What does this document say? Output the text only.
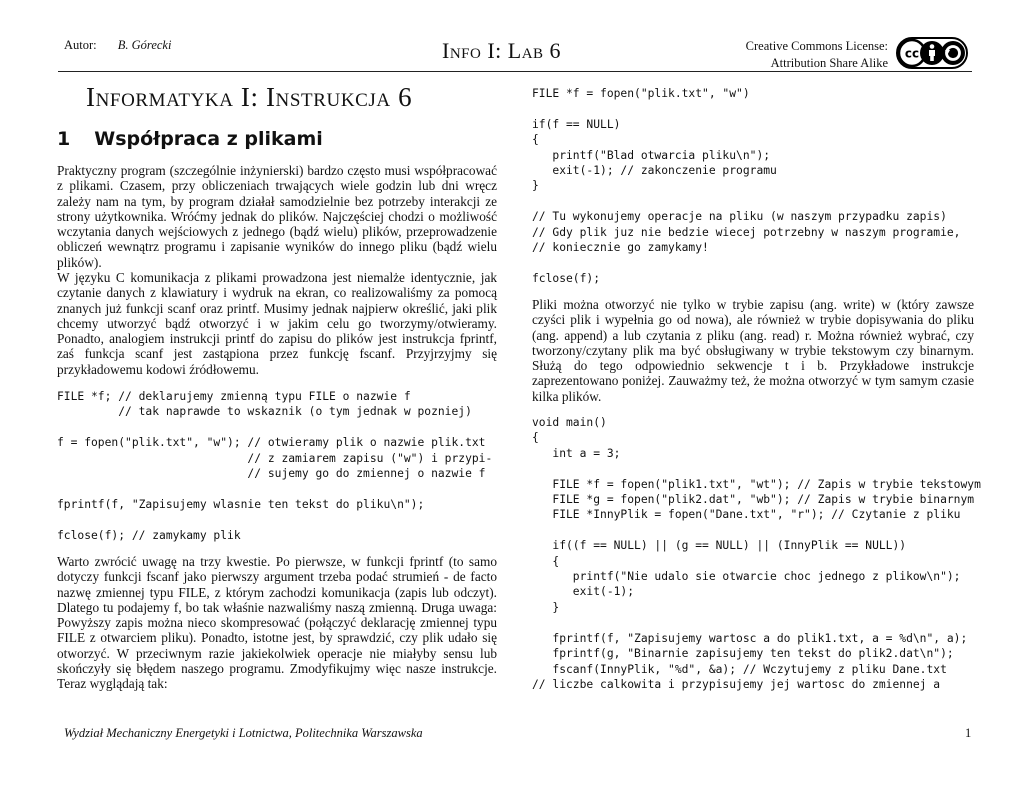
Autor: B. Górecki	Info I: Lab 6	Creative Commons License:
Attribution Share Alike
cc
Informatyka I: Instrukcja 6
1 Współpraca z plikami

Praktyczny program (szczególnie inżynierski) bardzo często musi współpracować z plikami. Czasem, przy obliczeniach trwających wiele godzin lub dni wręcz zależy nam na tym, by program działał samodzielnie bez potrzeby interakcji ze strony użytkownika. Wróćmy jednak do plików. Najczęściej chodzi o możliwość wczytania danych wejściowych z jednego (bądź wielu) plików, przeprowadzenie obliczeń wewnątrz programu i zapisanie wyników do innego pliku (bądź wielu plików).

W języku C komunikacja z plikami prowadzona jest niemalże identycznie, jak czytanie danych z klawiatury i wydruk na ekran, co realizowaliśmy za pomocą znanych już funkcji scanf oraz printf. Musimy jednak najpierw określić, jaki plik chcemy utworzyć bądź otworzyć i w jakim celu go tworzymy/otwieramy. Ponadto, analogiem instrukcji printf do zapisu do plików jest instrukcja fprintf, zaś funkcja scanf jest zastąpiona przez funkcję fscanf. Przyjrzyjmy się przykładowemu kodowi źródłowemu.

FILE *f; // deklarujemy zmienną typu FILE o nazwie f
// tak naprawde to wskaznik (o tym jednak w pozniej)

f = fopen("plik.txt", "w"); // otwieramy plik o nazwie plik.txt
// z zamiarem zapisu ("w") i przypi-
// sujemy go do zmiennej o nazwie f

fprintf(f, "Zapisujemy wlasnie ten tekst do pliku\n");

fclose(f); // zamykamy plik

Warto zwrócić uwagę na trzy kwestie. Po pierwsze, w funkcji fprintf (to samo dotyczy funkcji fscanf jako pierwszy argument trzeba podać strumień - de facto nazwę zmiennej typu FILE, z którym zachodzi komunikacja (zapis lub odczyt). Dlatego tu podajemy f, bo tak właśnie nazwaliśmy naszą zmienną. Druga uwaga: Powyższy zapis można nieco skompresować (połączyć deklarację zmiennej typu FILE z otwarciem pliku). Ponadto, istotne jest, by sprawdzić, czy plik udało się otworzyć. W przeciwnym razie jakiekolwiek operacje nie miałyby sensu lub skończyły się błędem naszego programu. Zmodyfikujmy więc nasze instrukcje. Teraz wyglądają tak:

FILE *f = fopen("plik.txt", "w")

if(f == NULL)
{
printf("Blad otwarcia pliku\n");
exit(-1); // zakonczenie programu
}

// Tu wykonujemy operacje na pliku (w naszym przypadku zapis)
// Gdy plik juz nie bedzie wiecej potrzebny w naszym programie,
// koniecznie go zamykamy!

fclose(f);

Pliki można otworzyć nie tylko w trybie zapisu (ang. write) w (który zawsze czyści plik i wypełnia go od nowa), ale również w trybie dopisywania do pliku (ang. append) a lub czytania z pliku (ang. read) r. Można również wybrać, czy tworzony/czytany plik ma być obsługiwany w trybie tekstowym czy binarnym. Służą do tego odpowiednio sekwencje t i b. Przykładowe instrukcje zaprezentowano poniżej. Zauważmy też, że można otworzyć w tym samym czasie kilka plików.

void main()
{
int a = 3;

FILE *f = fopen("plik1.txt", "wt"); // Zapis w trybie tekstowym
FILE *g = fopen("plik2.dat", "wb"); // Zapis w trybie binarnym
FILE *InnyPlik = fopen("Dane.txt", "r"); // Czytanie z pliku

if((f == NULL) || (g == NULL) || (InnyPlik == NULL))
{
printf("Nie udalo sie otwarcie choc jednego z plikow\n");
exit(-1);
}

fprintf(f, "Zapisujemy wartosc a do plik1.txt, a = %d\n", a);
fprintf(g, "Binarnie zapisujemy ten tekst do plik2.dat\n");
fscanf(InnyPlik, "%d", &a); // Wczytujemy z pliku Dane.txt
// liczbe calkowita i przypisujemy jej wartosc do zmiennej a
Wydział Mechaniczny Energetyki i Lotnictwa, Politechnika Warszawska	1
